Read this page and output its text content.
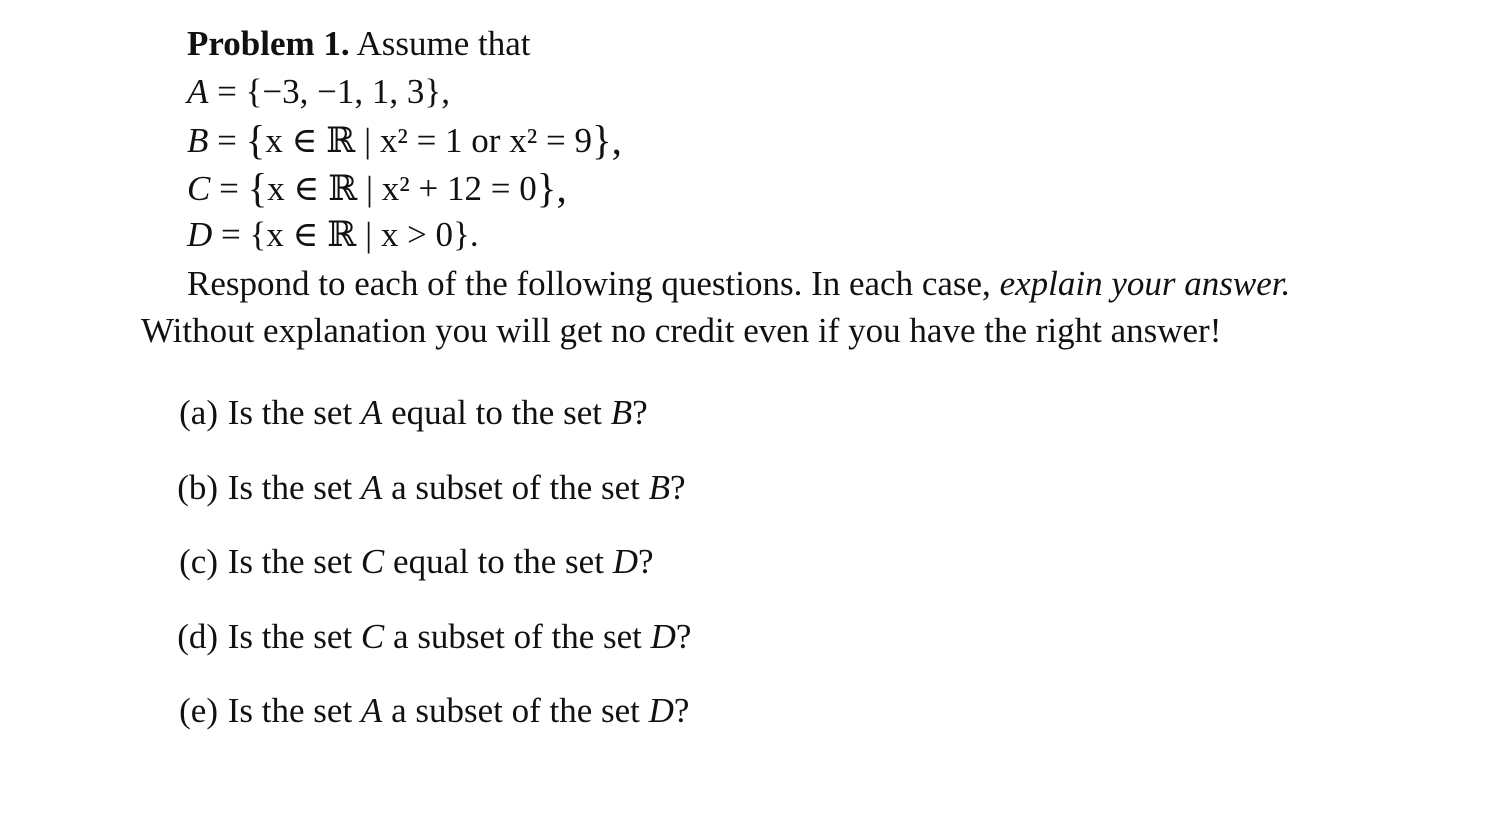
Problem 1. Assume that
A = {−3, −1, 1, 3},
B = {x ∈ ℝ | x² = 1 or x² = 9},
C = {x ∈ ℝ | x² + 12 = 0},
D = {x ∈ ℝ | x > 0}.
Respond to each of the following questions. In each case, explain your answer.
Without explanation you will get no credit even if you have the right answer!
(a) Is the set A equal to the set B?
(b) Is the set A a subset of the set B?
(c) Is the set C equal to the set D?
(d) Is the set C a subset of the set D?
(e) Is the set A a subset of the set D?
